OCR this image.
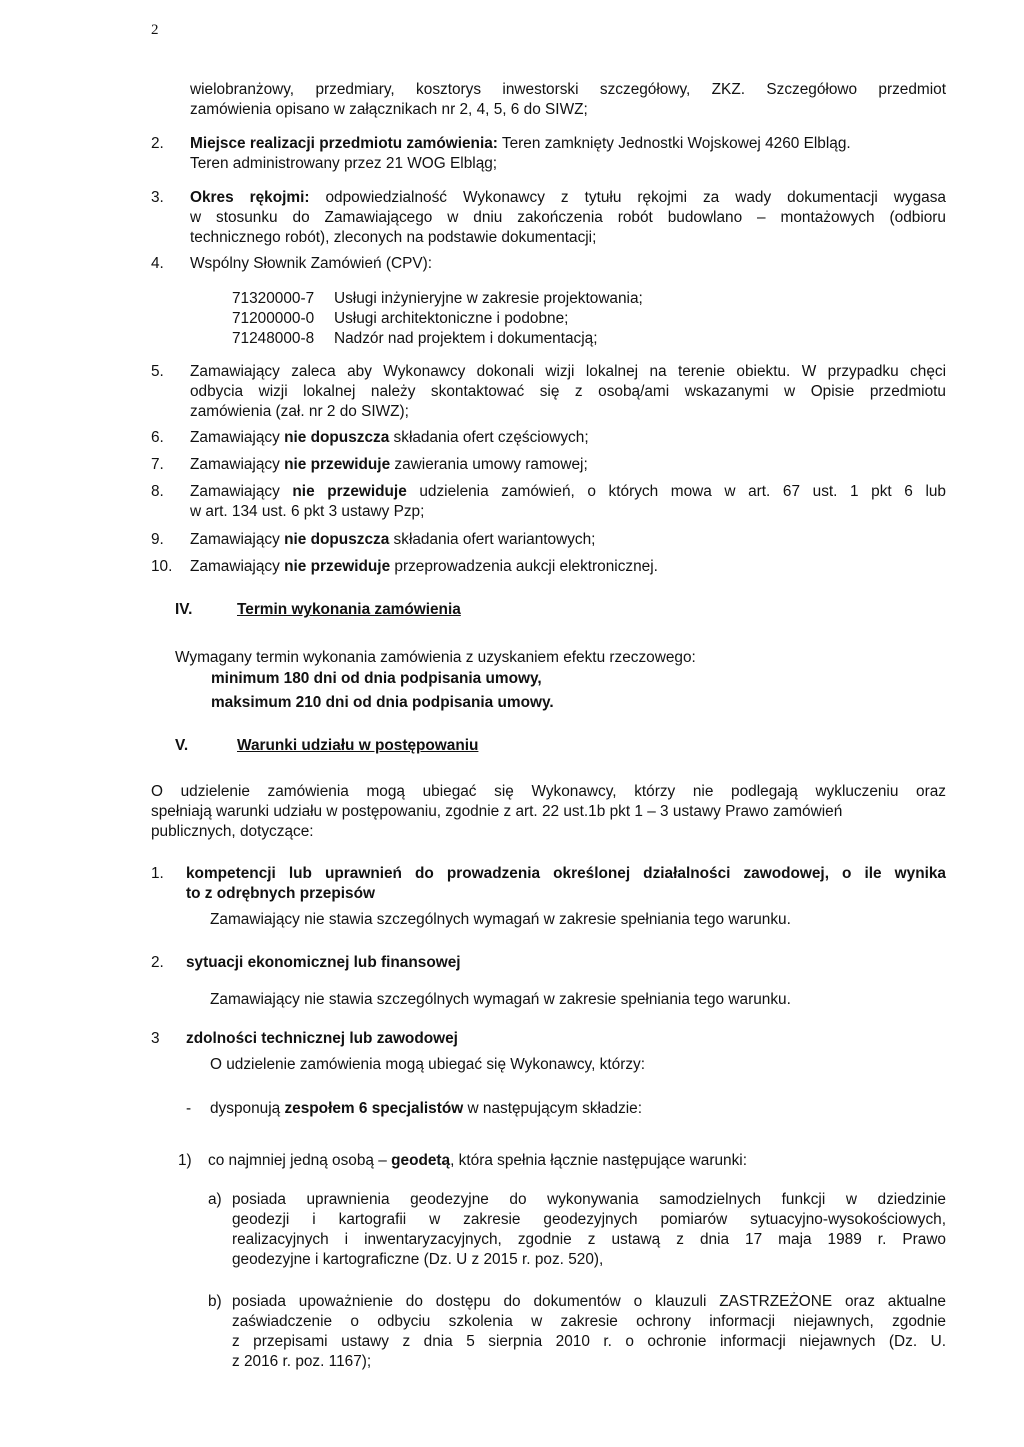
2
wielobranżowy, przedmiary, kosztorys inwestorski szczegółowy, ZKZ. Szczegółowo przedmiot
zamówienia opisano w załącznikach nr 2, 4, 5, 6 do SIWZ;
2. Miejsce realizacji przedmiotu zamówienia: Teren zamknięty Jednostki Wojskowej 4260 Elbląg.
Teren administrowany przez 21 WOG Elbląg;
3. Okres rękojmi: odpowiedzialność Wykonawcy z tytułu rękojmi za wady dokumentacji wygasa
w stosunku do Zamawiającego w dniu zakończenia robót budowlano – montażowych (odbioru
technicznego robót), zleconych na podstawie dokumentacji;
4. Wspólny Słownik Zamówień (CPV):
71320000-7 Usługi inżynieryjne w zakresie projektowania;
71200000-0 Usługi architektoniczne i podobne;
71248000-8 Nadzór nad projektem i dokumentacją;
5. Zamawiający zaleca aby Wykonawcy dokonali wizji lokalnej na terenie obiektu. W przypadku chęci
odbycia wizji lokalnej należy skontaktować się z osobą/ami wskazanymi w Opisie przedmiotu
zamówienia (zał. nr 2 do SIWZ);
6. Zamawiający nie dopuszcza składania ofert częściowych;
7. Zamawiający nie przewiduje zawierania umowy ramowej;
8. Zamawiający nie przewiduje udzielenia zamówień, o których mowa w art. 67 ust. 1 pkt 6 lub
w art. 134 ust. 6 pkt 3 ustawy Pzp;
9. Zamawiający nie dopuszcza składania ofert wariantowych;
10. Zamawiający nie przewiduje przeprowadzenia aukcji elektronicznej.
IV.	Termin wykonania zamówienia
Wymagany termin wykonania zamówienia z uzyskaniem efektu rzeczowego:
minimum 180 dni od dnia podpisania umowy,
maksimum 210 dni od dnia podpisania umowy.
V.	Warunki udziału w postępowaniu
O udzielenie zamówienia mogą ubiegać się Wykonawcy, którzy nie podlegają wykluczeniu oraz
spełniają warunki udziału w postępowaniu, zgodnie z art. 22 ust.1b pkt 1 – 3 ustawy Prawo zamówień
publicznych, dotyczące:
1. kompetencji lub uprawnień do prowadzenia określonej działalności zawodowej, o ile wynika
to z odrębnych przepisów
Zamawiający nie stawia szczególnych wymagań w zakresie spełniania tego warunku.
2. sytuacji ekonomicznej lub finansowej
Zamawiający nie stawia szczególnych wymagań w zakresie spełniania tego warunku.
3 zdolności technicznej lub zawodowej
O udzielenie zamówienia mogą ubiegać się Wykonawcy, którzy:
- dysponują zespołem 6 specjalistów w następującym składzie:
1) co najmniej jedną osobą – geodetą, która spełnia łącznie następujące warunki:
a) posiada uprawnienia geodezyjne do wykonywania samodzielnych funkcji w dziedzinie
geodezji i kartografii w zakresie geodezyjnych pomiarów sytuacyjno-wysokościowych,
realizacyjnych i inwentaryzacyjnych, zgodnie z ustawą z dnia 17 maja 1989 r. Prawo
geodezyjne i kartograficzne (Dz. U z 2015 r. poz. 520),
b) posiada upoważnienie do dostępu do dokumentów o klauzuli ZASTRZEŻONE oraz aktualne
zaświadczenie o odbyciu szkolenia w zakresie ochrony informacji niejawnych, zgodnie
z przepisami ustawy z dnia 5 sierpnia 2010 r. o ochronie informacji niejawnych (Dz. U.
z 2016 r. poz. 1167);
